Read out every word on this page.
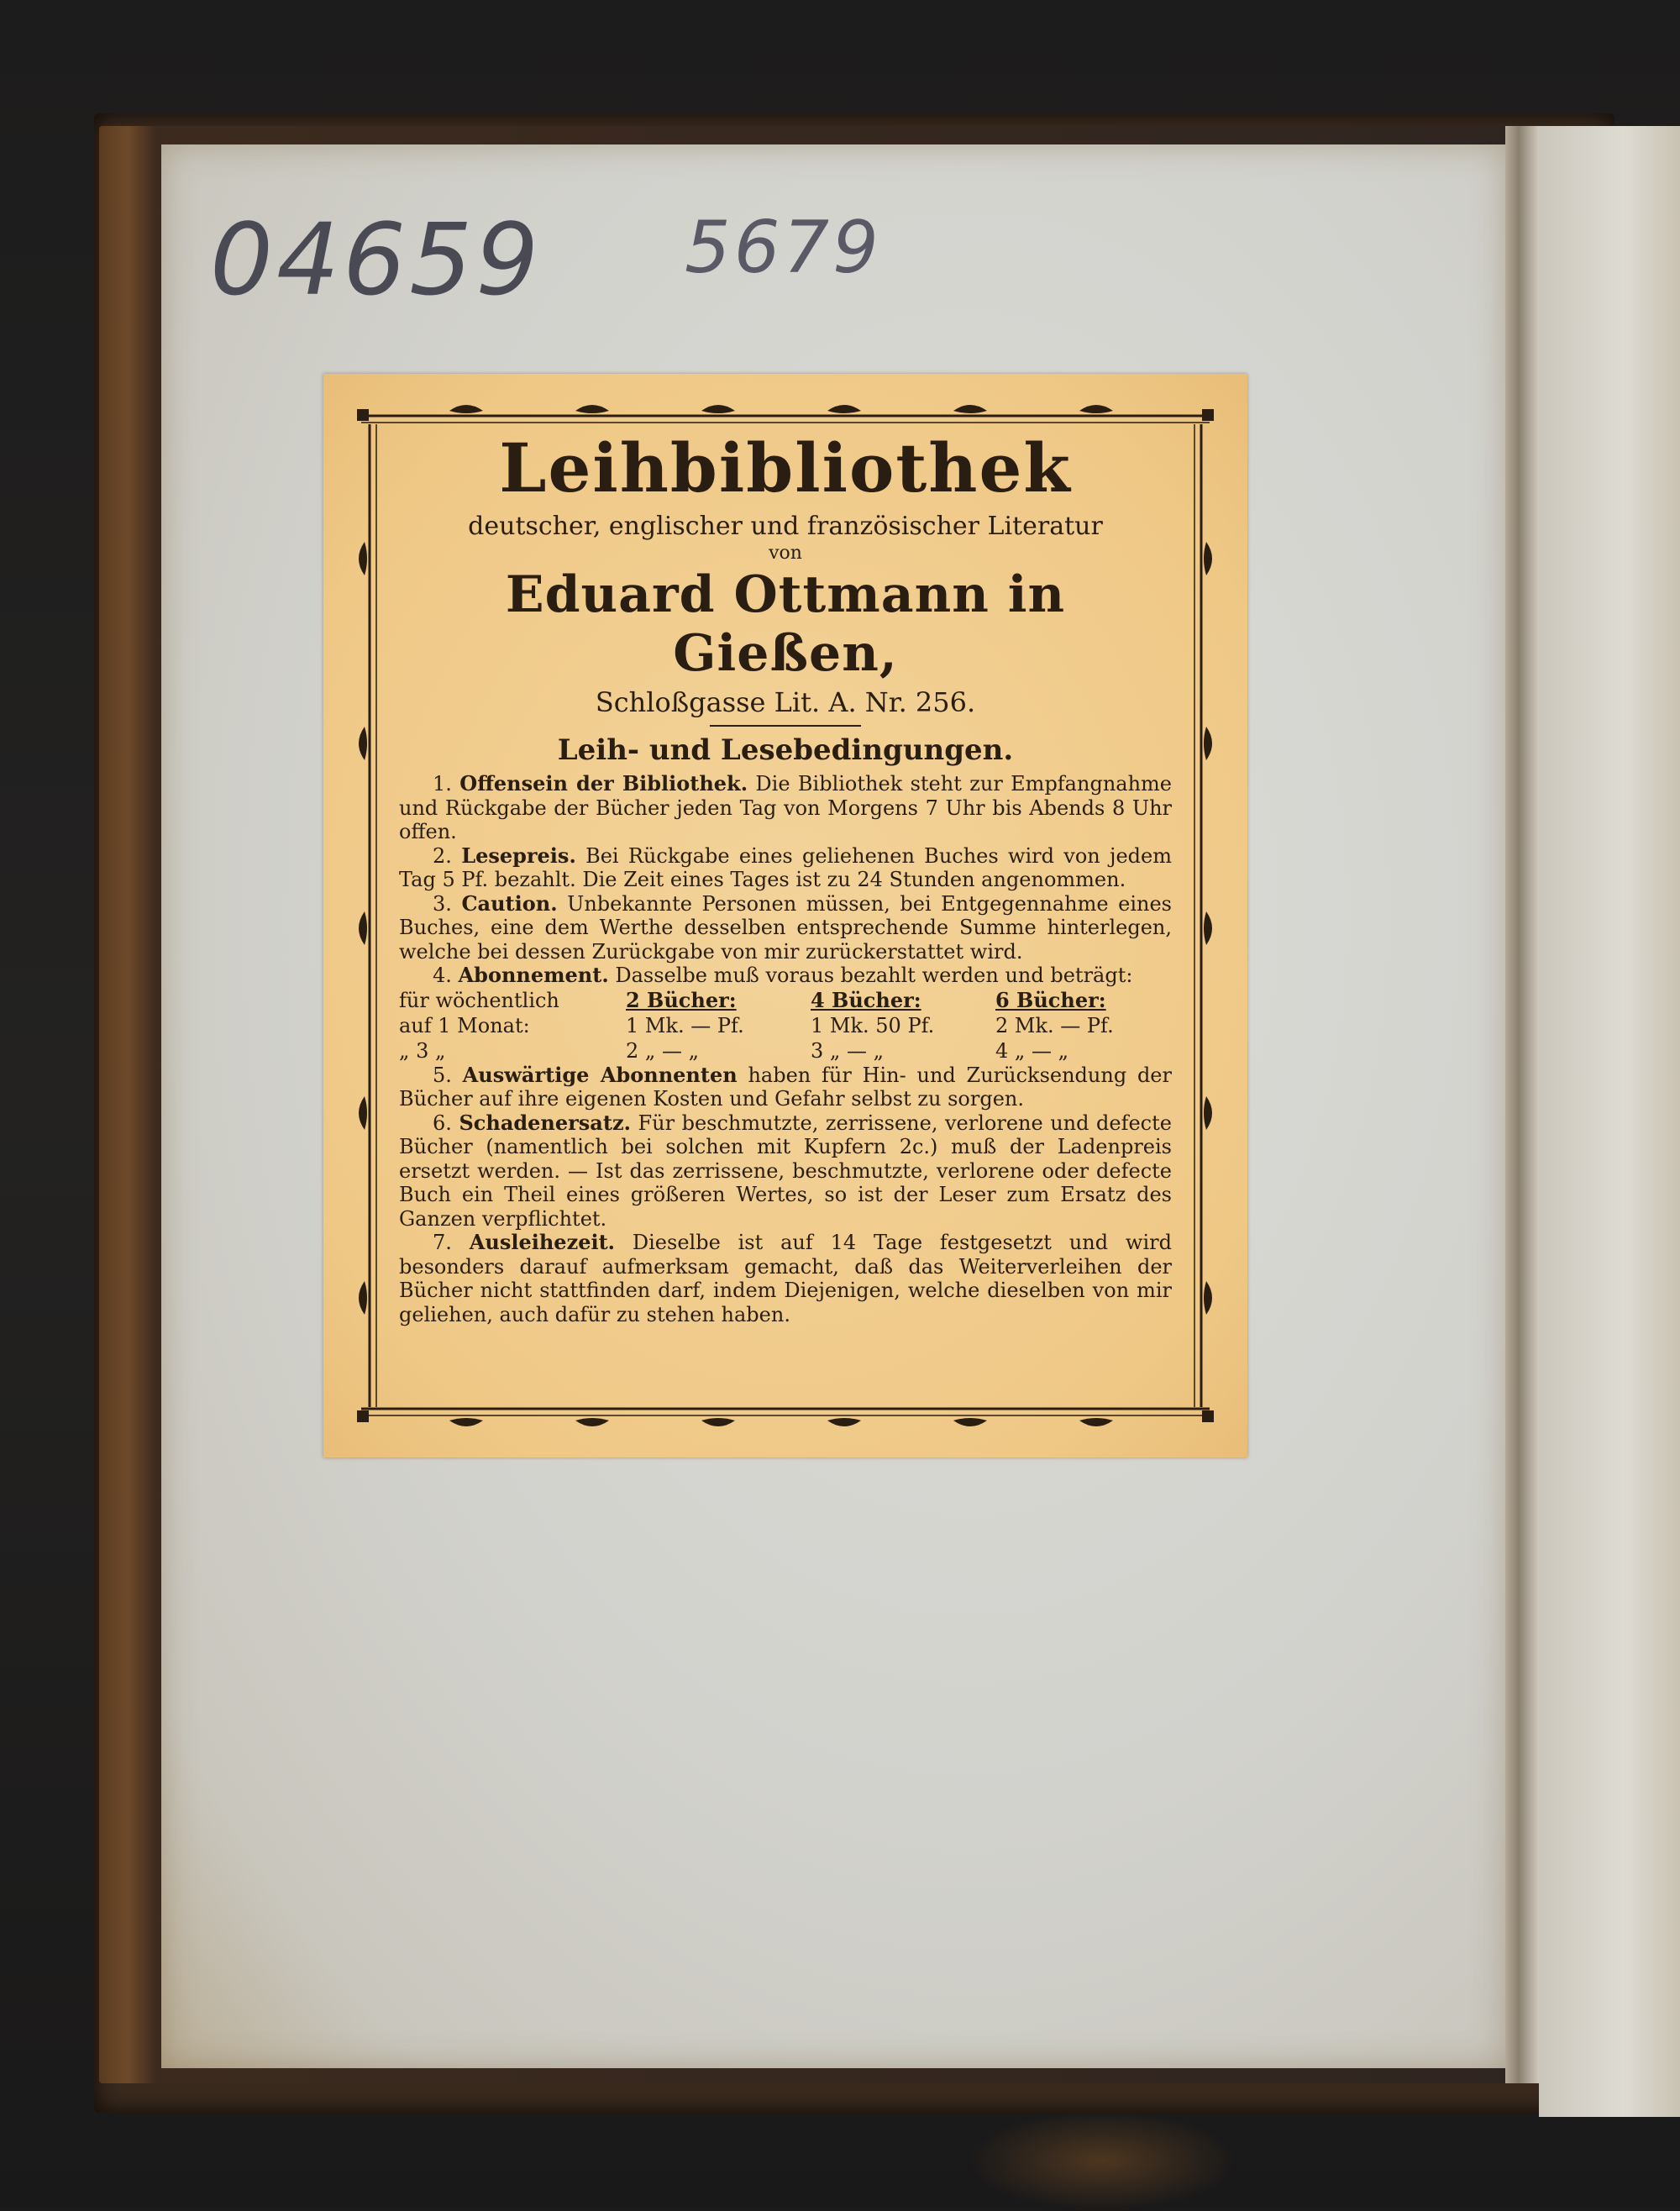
04659 5679
Leihbibliothek
deutscher, englischer und französischer Literatur
von
Eduard Ottmann in Gießen,
Schloßgasse Lit. A. Nr. 256.
Leih- und Lesebedingungen.
1. Offensein der Bibliothek. Die Bibliothek steht zur Empfangnahme und Rückgabe der Bücher jeden Tag von Morgens 7 Uhr bis Abends 8 Uhr offen.
2. Lesepreis. Bei Rückgabe eines geliehenen Buches wird von jedem Tag 5 Pf. bezahlt. Die Zeit eines Tages ist zu 24 Stunden angenommen.
3. Caution. Unbekannte Personen müssen, bei Entgegennahme eines Buches, eine dem Werthe desselben entsprechende Summe hinterlegen, welche bei dessen Zurückgabe von mir zurückerstattet wird.
4. Abonnement. Dasselbe muß voraus bezahlt werden und beträgt:
für wöchentlich	2 Bücher:	4 Bücher:	6 Bücher:
auf 1 Monat:	1 Mk. — Pf.	1 Mk. 50 Pf.	2 Mk. — Pf.
„ 3 „	2 „ — „	3 „ — „	4 „ — „
5. Auswärtige Abonnenten haben für Hin- und Zurücksendung der Bücher auf ihre eigenen Kosten und Gefahr selbst zu sorgen.
6. Schadenersatz. Für beschmutzte, zerrissene, verlorene und defecte Bücher (namentlich bei solchen mit Kupfern 2c.) muß der Ladenpreis ersetzt werden. — Ist das zerrissene, beschmutzte, verlorene oder defecte Buch ein Theil eines größeren Wertes, so ist der Leser zum Ersatz des Ganzen verpflichtet.
7. Ausleihezeit. Dieselbe ist auf 14 Tage festgesetzt und wird besonders darauf aufmerksam gemacht, daß das Weiterverleihen der Bücher nicht stattfinden darf, indem Diejenigen, welche dieselben von mir geliehen, auch dafür zu stehen haben.
